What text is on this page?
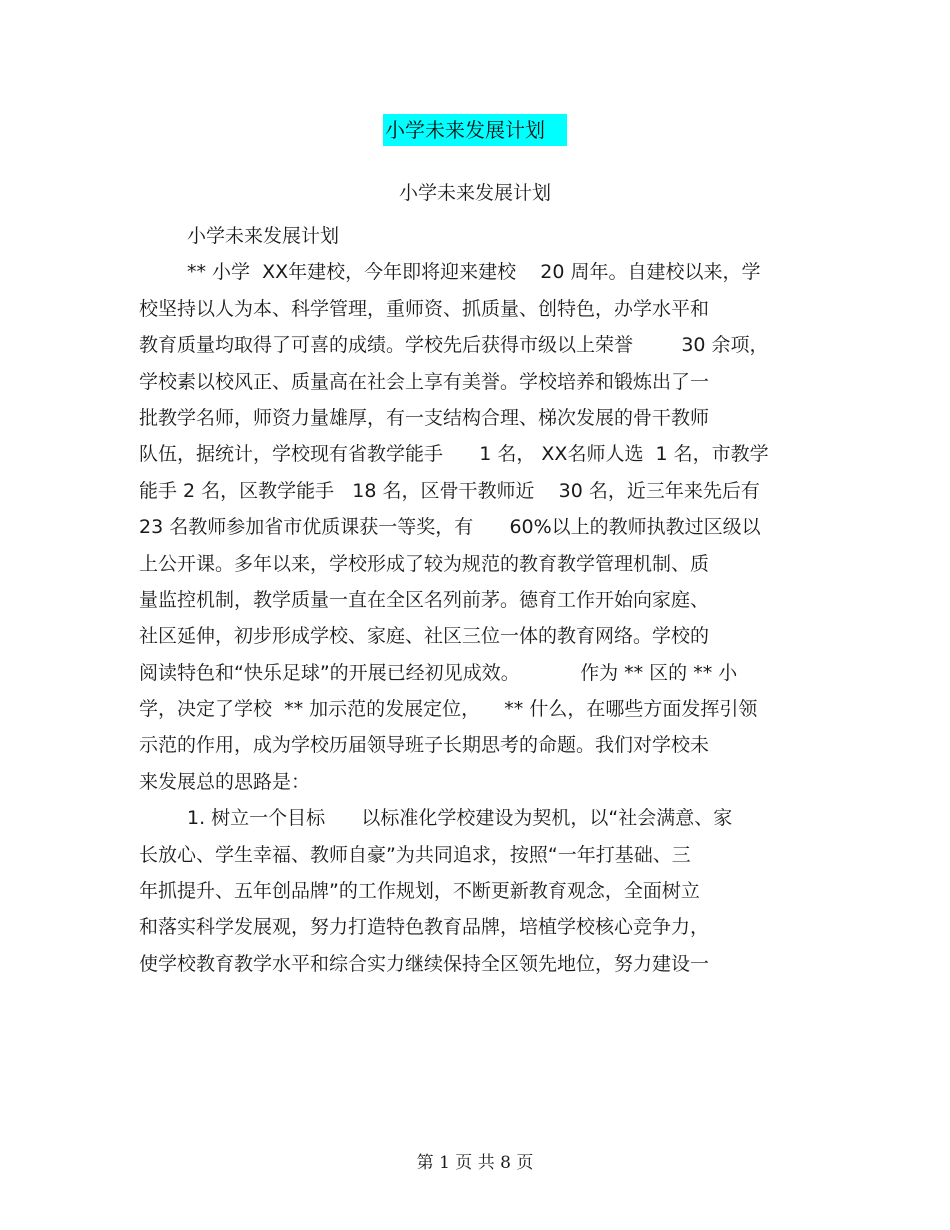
小学未来发展计划
小学未来发展计划
小学未来发展计划
** 小学  XX年建校，今年即将迎来建校    20 周年。自建校以来，学
校坚持以人为本、科学管理，重师资、抓质量、创特色，办学水平和
教育质量均取得了可喜的成绩。学校先后获得市级以上荣誉        30 余项，
学校素以校风正、质量高在社会上享有美誉。学校培养和锻炼出了一
批教学名师，师资力量雄厚，有一支结构合理、梯次发展的骨干教师
队伍，据统计，学校现有省教学能手      1 名， XX名师人选  1 名，市教学
能手 2 名，区教学能手   18 名，区骨干教师近    30 名，近三年来先后有
23 名教师参加省市优质课获一等奖，有      60%以上的教师执教过区级以
上公开课。多年以来，学校形成了较为规范的教育教学管理机制、质
量监控机制，教学质量一直在全区名列前茅。德育工作开始向家庭、
社区延伸，初步形成学校、家庭、社区三位一体的教育网络。学校的
阅读特色和“快乐足球”的开展已经初见成效。          作为 ** 区的 ** 小
学，决定了学校  ** 加示范的发展定位，    ** 什么，在哪些方面发挥引领
示范的作用，成为学校历届领导班子长期思考的命题。我们对学校未
来发展总的思路是：
1. 树立一个目标      以标准化学校建设为契机，以“社会满意、家
长放心、学生幸福、教师自豪”为共同追求，按照“一年打基础、三
年抓提升、五年创品牌”的工作规划，不断更新教育观念，全面树立
和落实科学发展观，努力打造特色教育品牌，培植学校核心竞争力，
使学校教育教学水平和综合实力继续保持全区领先地位，努力建设一
第 1 页 共 8 页
